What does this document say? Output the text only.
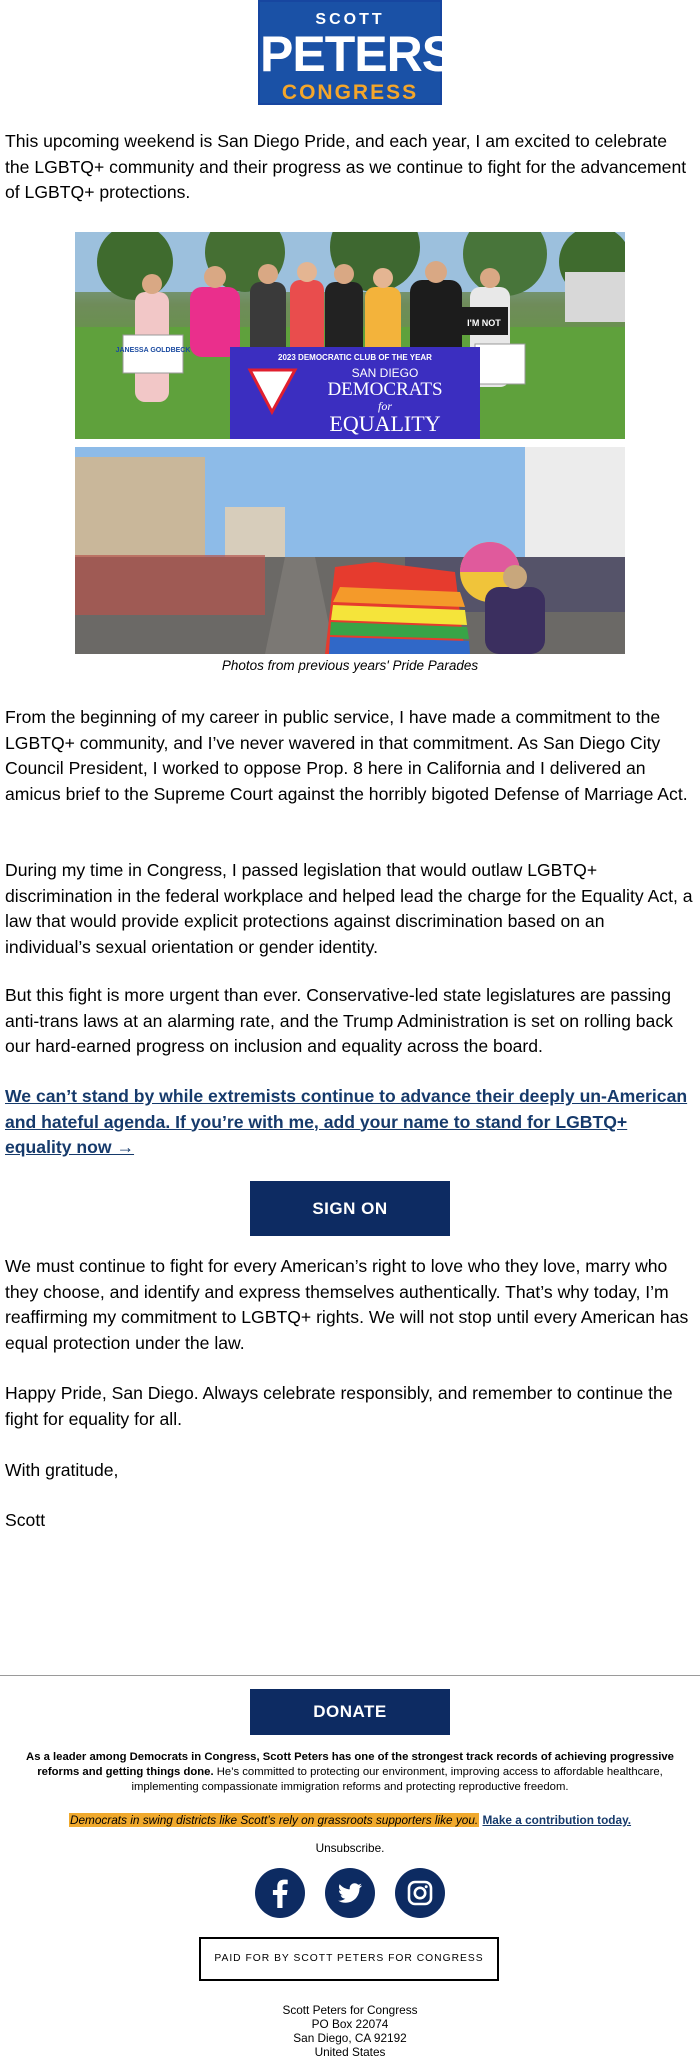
SCOTT
PETERS
CONGRESS

This upcoming weekend is San Diego Pride, and each year, I am excited to celebrate the LGBTQ+ community and their progress as we continue to fight for the advancement of LGBTQ+ protections.

JANESSA GOLDBECK
I'M NOT
2023 DEMOCRATIC CLUB OF THE YEAR
SAN DIEGO
DEMOCRATS
for
EQUALITY
Photos from previous years' Pride Parades

From the beginning of my career in public service, I have made a commitment to the LGBTQ+ community, and I’ve never wavered in that commitment. As San Diego City Council President, I worked to oppose Prop. 8 here in California and I delivered an amicus brief to the Supreme Court against the horribly bigoted Defense of Marriage Act.

During my time in Congress, I passed legislation that would outlaw LGBTQ+ discrimination in the federal workplace and helped lead the charge for the Equality Act, a law that would provide explicit protections against discrimination based on an individual’s sexual orientation or gender identity.

But this fight is more urgent than ever. Conservative-led state legislatures are passing anti-trans laws at an alarming rate, and the Trump Administration is set on rolling back our hard-earned progress on inclusion and equality across the board.

We can’t stand by while extremists continue to advance their deeply un-American and hateful agenda. If you’re with me, add your name to stand for LGBTQ+ equality now →
SIGN ON

We must continue to fight for every American’s right to love who they love, marry who they choose, and identify and express themselves authentically. That’s why today, I’m reaffirming my commitment to LGBTQ+ rights. We will not stop until every American has equal protection under the law.

Happy Pride, San Diego. Always celebrate responsibly, and remember to continue the fight for equality for all.

With gratitude,

Scott

DONATE
As a leader among Democrats in Congress, Scott Peters has one of the strongest track records of achieving progressive reforms and getting things done. He’s committed to protecting our environment, improving access to affordable healthcare, implementing compassionate immigration reforms and protecting reproductive freedom.
Democrats in swing districts like Scott’s rely on grassroots supporters like you. Make a contribution today.
Unsubscribe.
PAID FOR BY SCOTT PETERS FOR CONGRESS
Scott Peters for Congress
PO Box 22074
San Diego, CA 92192
United States
